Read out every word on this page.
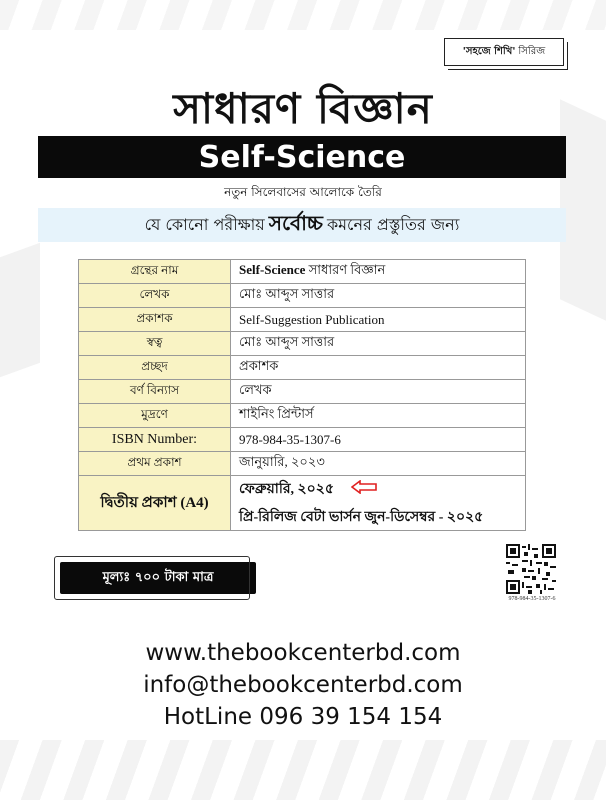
'সহজে শিখি' সিরিজ
সাধারণ বিজ্ঞান
Self-Science
নতুন সিলেবাসের আলোকে তৈরি
যে কোনো পরীক্ষায় সর্বোচ্চ কমনের প্রস্তুতির জন্য
গ্রন্থের নাম	Self-Science সাধারণ বিজ্ঞান
লেখক	মোঃ আব্দুস সাত্তার
প্রকাশক	Self-Suggestion Publication
স্বত্ব	মোঃ আব্দুস সাত্তার
প্রচ্ছদ	প্রকাশক
বর্ণ বিন্যাস	লেখক
মুদ্রণে	শাইনিং প্রিন্টার্স
ISBN Number:	978-984-35-1307-6
প্রথম প্রকাশ	জানুয়ারি, ২০২৩
দ্বিতীয় প্রকাশ (A4)	ফেব্রুয়ারি, ২০২৫
প্রি-রিলিজ বেটা ভার্সন জুন-ডিসেম্বর - ২০২৫
মূল্যঃ ৭০০ টাকা মাত্র
978-984-35-1307-6
www.thebookcenterbd.com
info@thebookcenterbd.com
HotLine 096 39 154 154
